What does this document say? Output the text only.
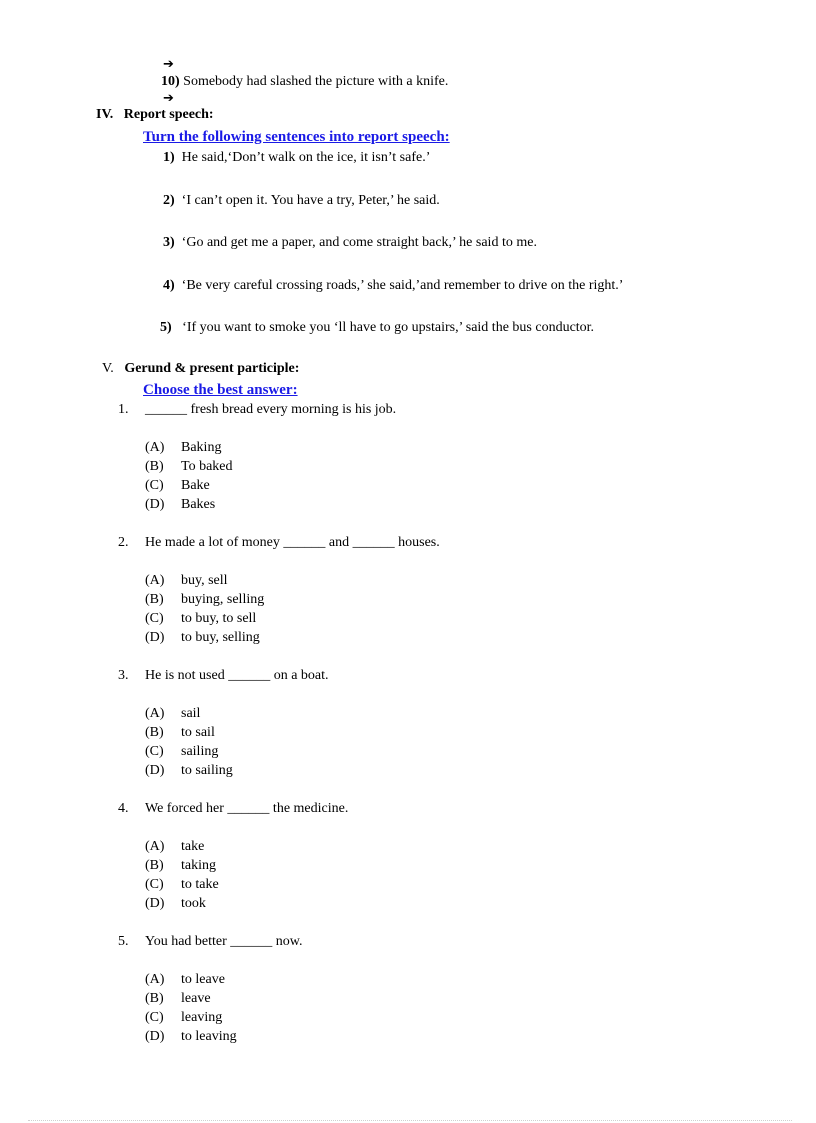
➔
10) Somebody had slashed the picture with a knife.
➔
IV. Report speech:
Turn the following sentences into report speech:
1) He said,‘Don’t walk on the ice, it isn’t safe.’
2) ‘I can’t open it. You have a try, Peter,’ he said.
3) ‘Go and get me a paper, and come straight back,’ he said to me.
4) ‘Be very careful crossing roads,’ she said,’and remember to drive on the right.’
5) ‘If you want to smoke you ‘ll have to go upstairs,’ said the bus conductor.
V. Gerund & present participle:
Choose the best answer:
1. ______ fresh bread every morning is his job.
(A) Baking
(B) To baked
(C) Bake
(D) Bakes
2. He made a lot of money ______ and ______ houses.
(A) buy, sell
(B) buying, selling
(C) to buy, to sell
(D) to buy, selling
3. He is not used ______ on a boat.
(A) sail
(B) to sail
(C) sailing
(D) to sailing
4. We forced her ______ the medicine.
(A) take
(B) taking
(C) to take
(D) took
5. You had better ______ now.
(A) to leave
(B) leave
(C) leaving
(D) to leaving
